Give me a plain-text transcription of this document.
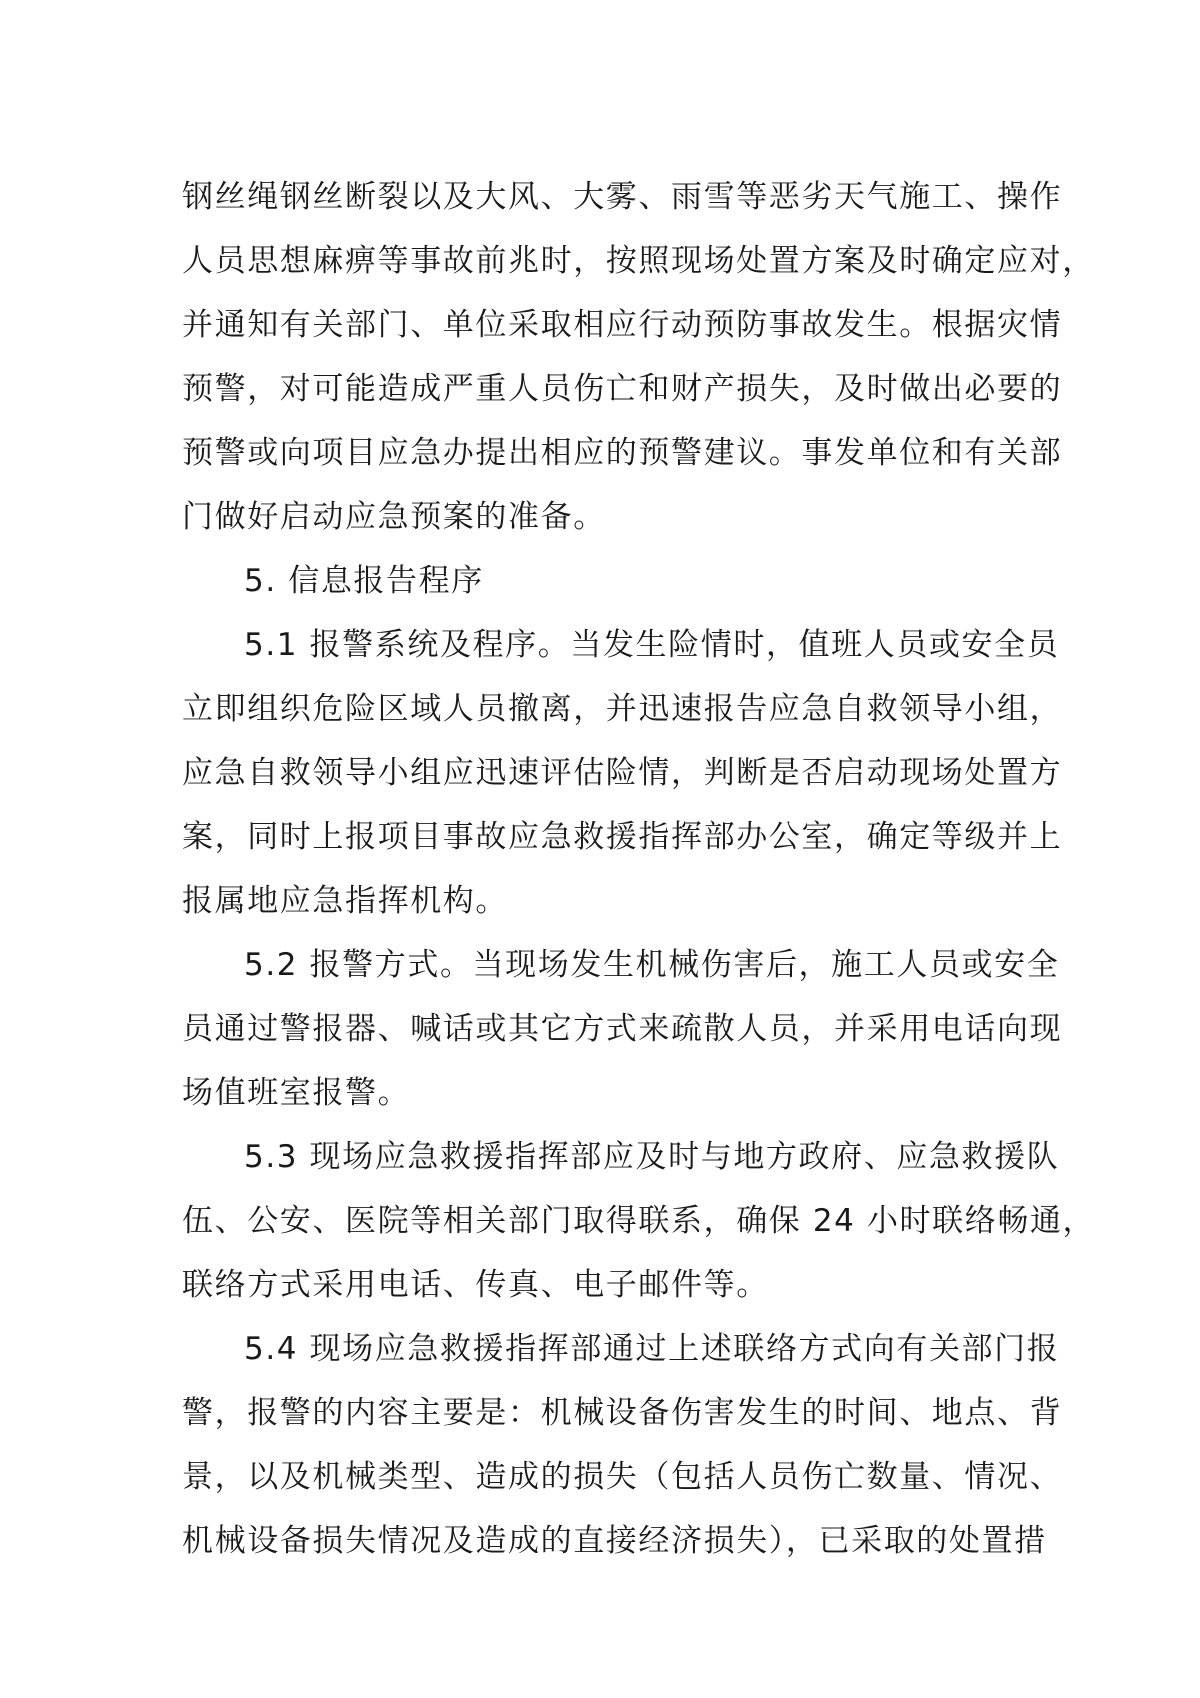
钢丝绳钢丝断裂以及大风、大雾、雨雪等恶劣天气施工、操作
人员思想麻痹等事故前兆时，按照现场处置方案及时确定应对，
并通知有关部门、单位采取相应行动预防事故发生。根据灾情
预警，对可能造成严重人员伤亡和财产损失，及时做出必要的
预警或向项目应急办提出相应的预警建议。事发单位和有关部
门做好启动应急预案的准备。
5. 信息报告程序
5.1 报警系统及程序。当发生险情时，值班人员或安全员
立即组织危险区域人员撤离，并迅速报告应急自救领导小组，
应急自救领导小组应迅速评估险情，判断是否启动现场处置方
案，同时上报项目事故应急救援指挥部办公室，确定等级并上
报属地应急指挥机构。
5.2 报警方式。当现场发生机械伤害后，施工人员或安全
员通过警报器、喊话或其它方式来疏散人员，并采用电话向现
场值班室报警。
5.3 现场应急救援指挥部应及时与地方政府、应急救援队
伍、公安、医院等相关部门取得联系，确保 24 小时联络畅通，
联络方式采用电话、传真、电子邮件等。
5.4 现场应急救援指挥部通过上述联络方式向有关部门报
警，报警的内容主要是：机械设备伤害发生的时间、地点、背
景，以及机械类型、造成的损失（包括人员伤亡数量、情况、
机械设备损失情况及造成的直接经济损失），已采取的处置措
